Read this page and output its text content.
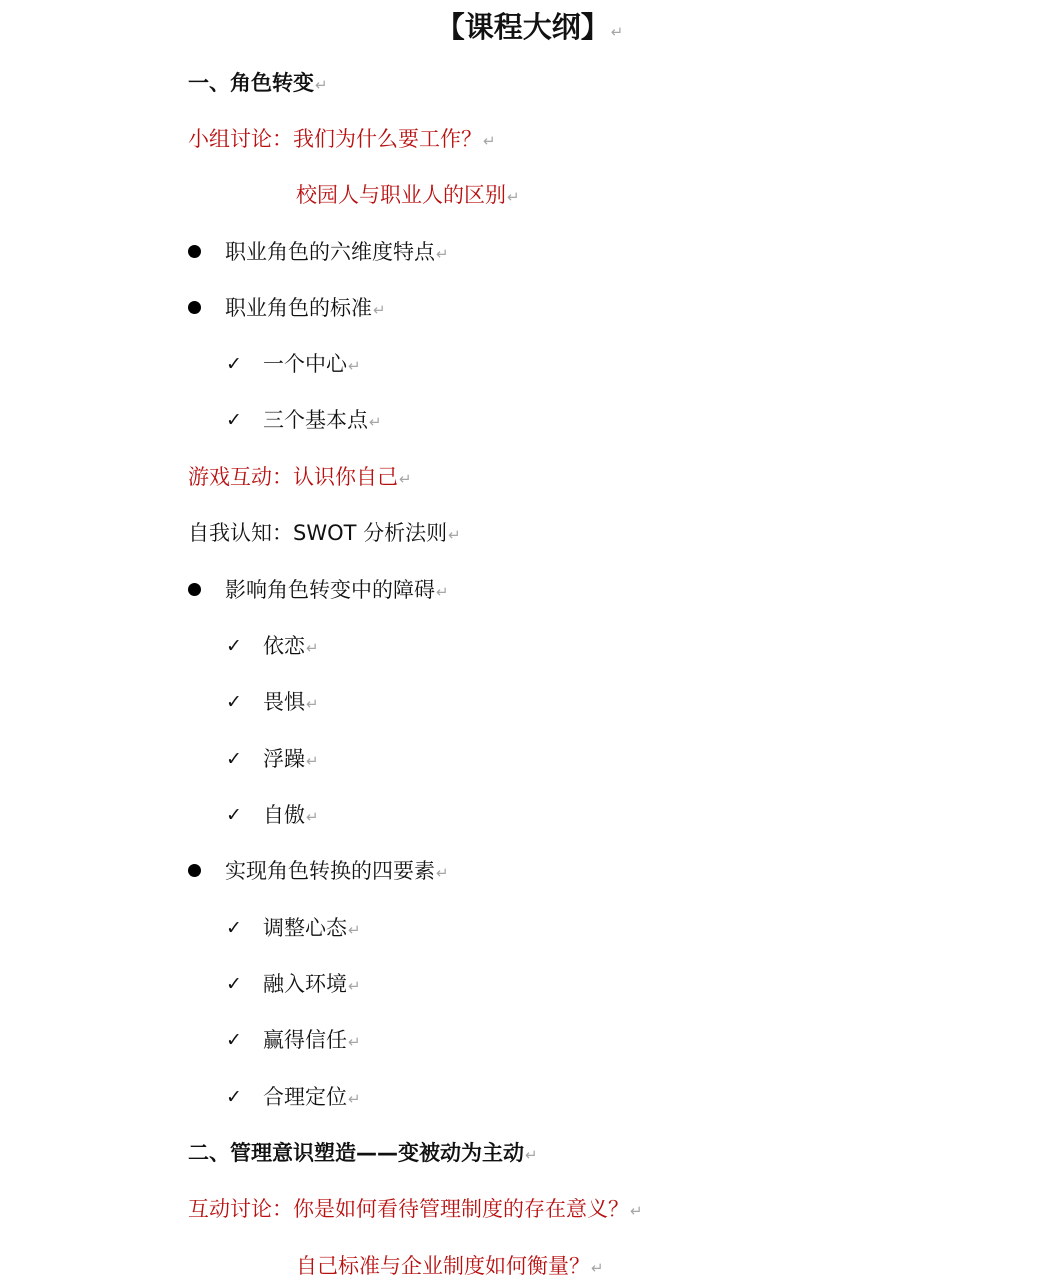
【课程大纲】↵
一、角色转变↵
小组讨论：我们为什么要工作？↵
校园人与职业人的区别↵
职业角色的六维度特点↵
职业角色的标准↵
✓ 一个中心↵
✓ 三个基本点↵
游戏互动：认识你自己↵
自我认知：SWOT 分析法则↵
影响角色转变中的障碍↵
✓ 依恋↵
✓ 畏惧↵
✓ 浮躁↵
✓ 自傲↵
实现角色转换的四要素↵
✓ 调整心态↵
✓ 融入环境↵
✓ 赢得信任↵
✓ 合理定位↵
二、管理意识塑造——变被动为主动↵
互动讨论：你是如何看待管理制度的存在意义？↵
自己标准与企业制度如何衡量？↵
